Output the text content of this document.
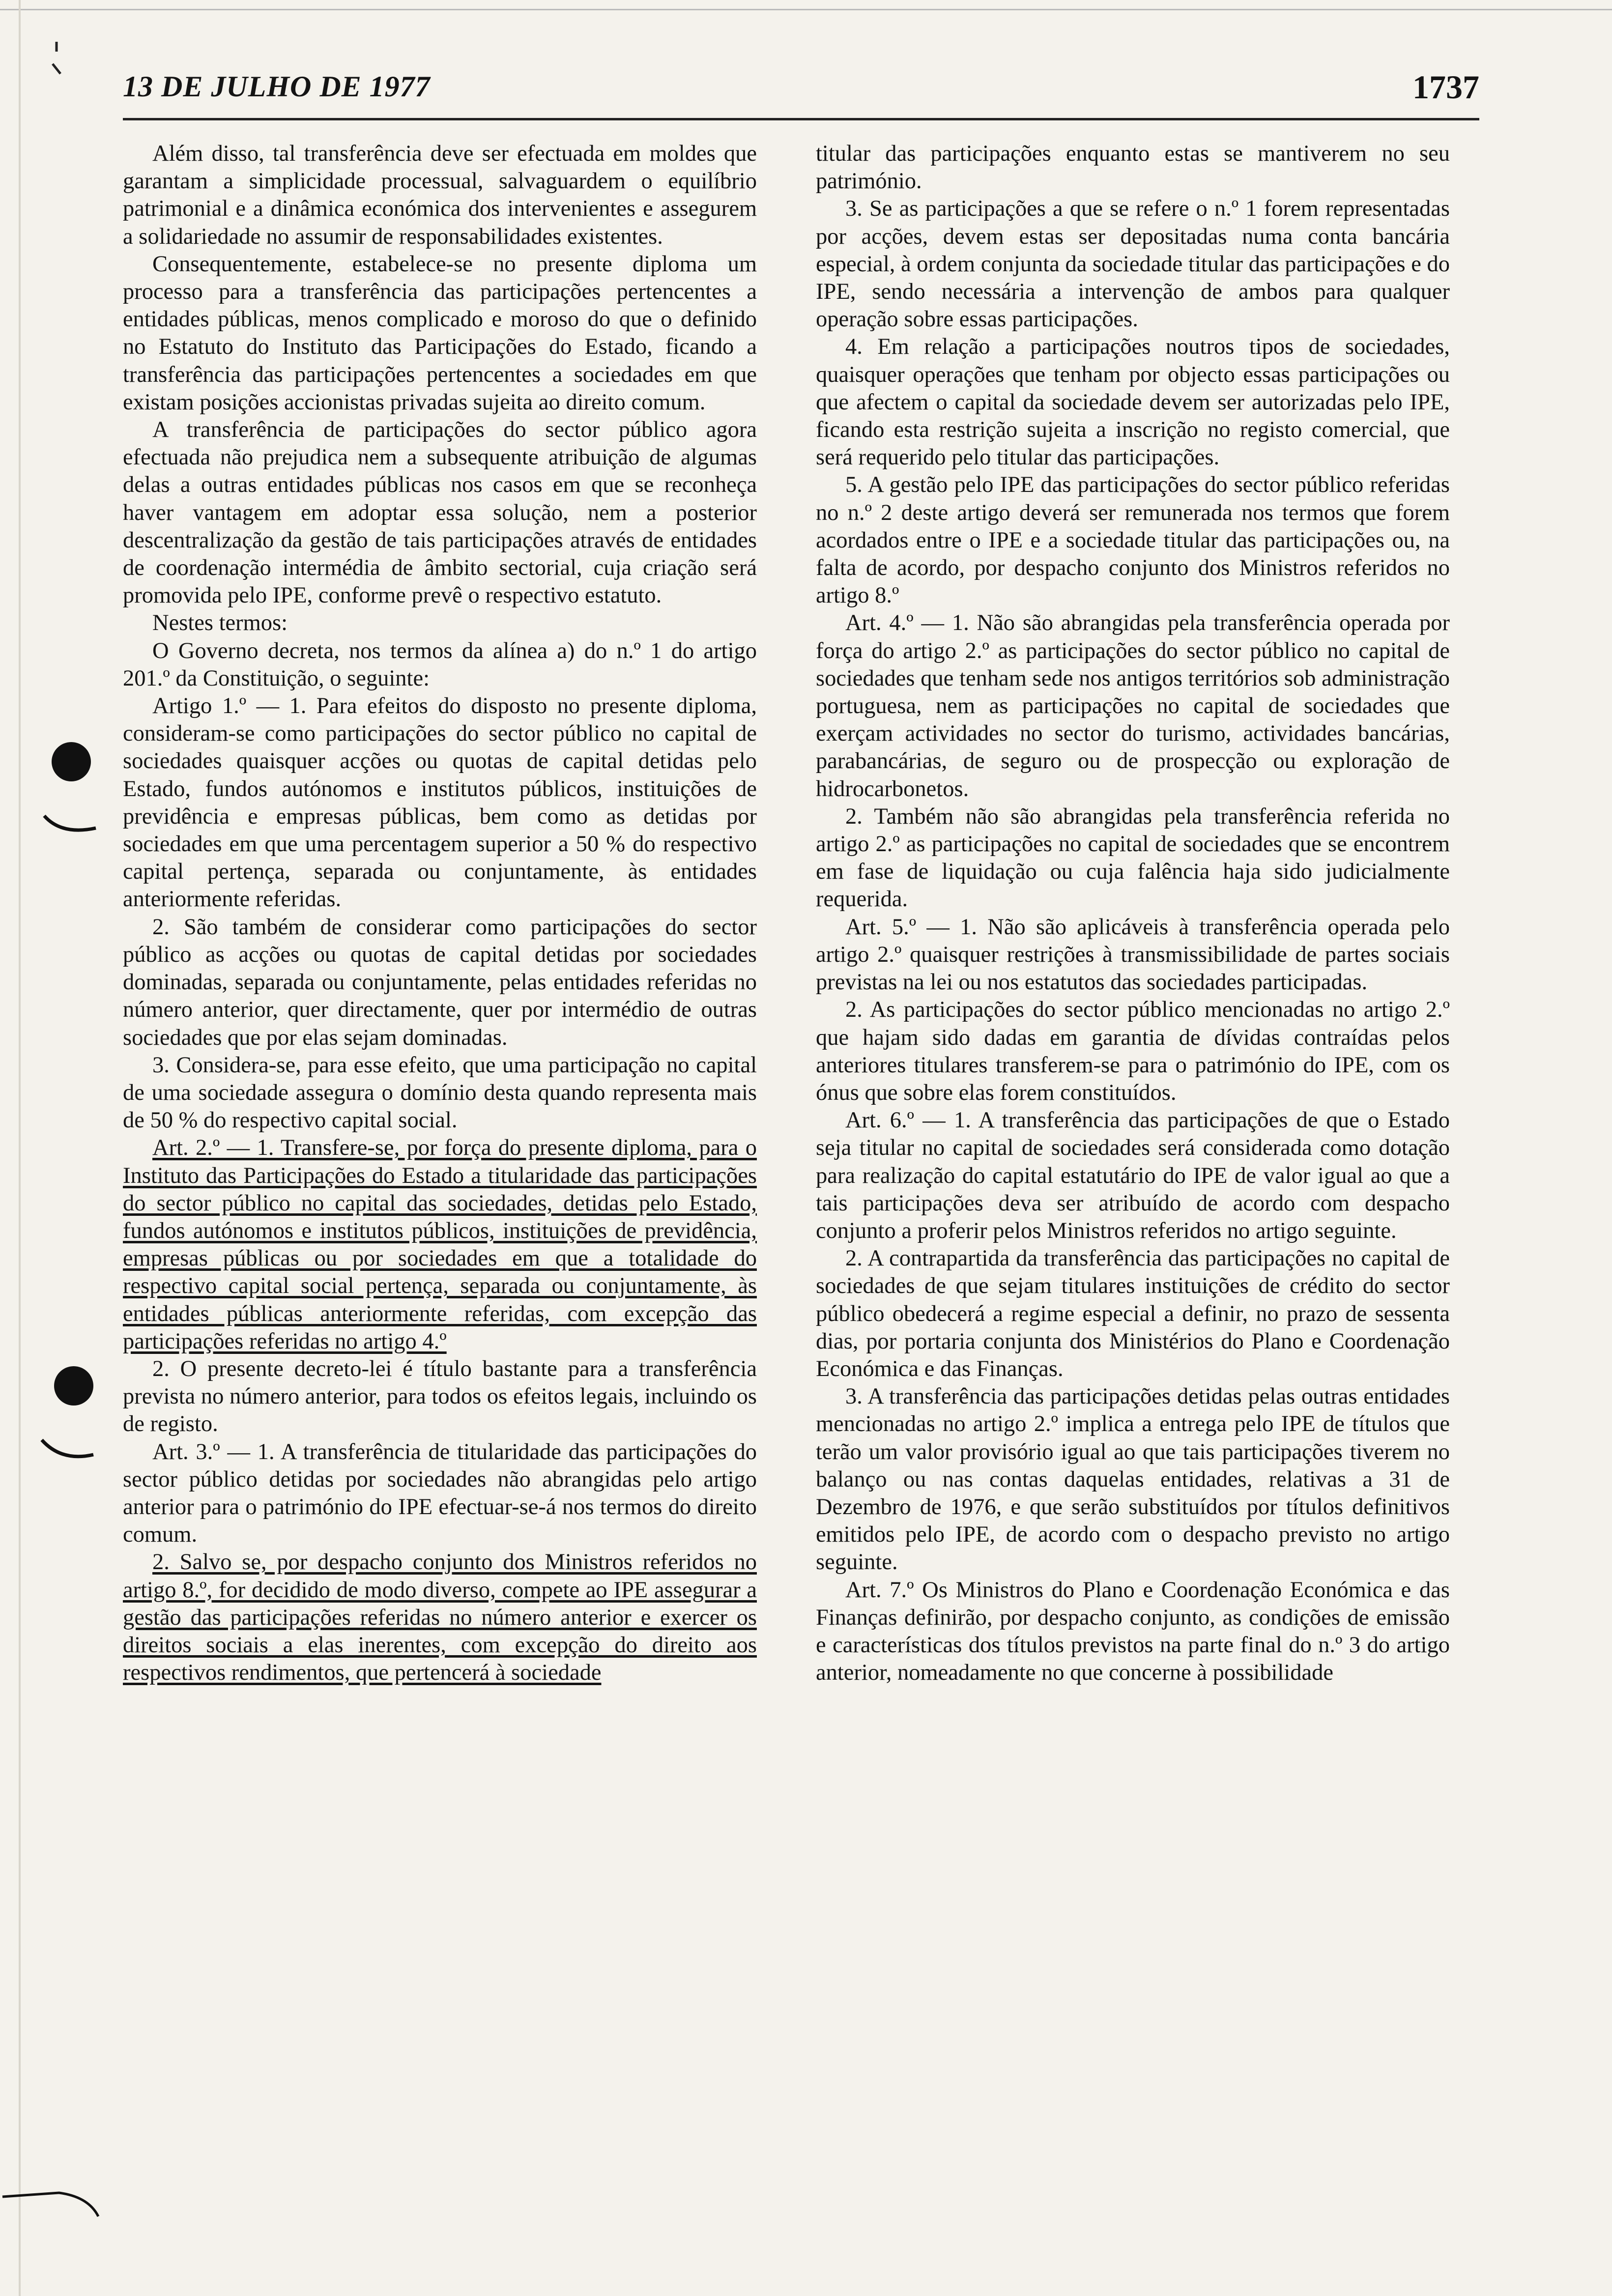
13 DE JULHO DE 1977	1737

Além disso, tal transferência deve ser efectuada em moldes que garantam a simplicidade processual, salvaguardem o equilíbrio patrimonial e a dinâmica económica dos intervenientes e assegurem a solidariedade no assumir de responsabilidades existentes.

Consequentemente, estabelece-se no presente diploma um processo para a transferência das participações pertencentes a entidades públicas, menos complicado e moroso do que o definido no Estatuto do Instituto das Participações do Estado, ficando a transferência das participações pertencentes a sociedades em que existam posições accionistas privadas sujeita ao direito comum.

A transferência de participações do sector público agora efectuada não prejudica nem a subsequente atribuição de algumas delas a outras entidades públicas nos casos em que se reconheça haver vantagem em adoptar essa solução, nem a posterior descentralização da gestão de tais participações através de entidades de coordenação intermédia de âmbito sectorial, cuja criação será promovida pelo IPE, conforme prevê o respectivo estatuto.

Nestes termos:

O Governo decreta, nos termos da alínea a) do n.º 1 do artigo 201.º da Constituição, o seguinte:

Artigo 1.º — 1. Para efeitos do disposto no presente diploma, consideram-se como participações do sector público no capital de sociedades quaisquer acções ou quotas de capital detidas pelo Estado, fundos autónomos e institutos públicos, instituições de previdência e empresas públicas, bem como as detidas por sociedades em que uma percentagem superior a 50 % do respectivo capital pertença, separada ou conjuntamente, às entidades anteriormente referidas.

2. São também de considerar como participações do sector público as acções ou quotas de capital detidas por sociedades dominadas, separada ou conjuntamente, pelas entidades referidas no número anterior, quer directamente, quer por intermédio de outras sociedades que por elas sejam dominadas.

3. Considera-se, para esse efeito, que uma participação no capital de uma sociedade assegura o domínio desta quando representa mais de 50 % do respectivo capital social.

Art. 2.º — 1. Transfere-se, por força do presente diploma, para o Instituto das Participações do Estado a titularidade das participações do sector público no capital das sociedades, detidas pelo Estado, fundos autónomos e institutos públicos, instituições de previdência, empresas públicas ou por sociedades em que a totalidade do respectivo capital social pertença, separada ou conjuntamente, às entidades públicas anteriormente referidas, com excepção das participações referidas no artigo 4.º

2. O presente decreto-lei é título bastante para a transferência prevista no número anterior, para todos os efeitos legais, incluindo os de registo.

Art. 3.º — 1. A transferência de titularidade das participações do sector público detidas por sociedades não abrangidas pelo artigo anterior para o património do IPE efectuar-se-á nos termos do direito comum.

2. Salvo se, por despacho conjunto dos Ministros referidos no artigo 8.º, for decidido de modo diverso, compete ao IPE assegurar a gestão das participações referidas no número anterior e exercer os direitos sociais a elas inerentes, com excepção do direito aos respectivos rendimentos, que pertencerá à sociedade

titular das participações enquanto estas se mantiverem no seu património.

3. Se as participações a que se refere o n.º 1 forem representadas por acções, devem estas ser depositadas numa conta bancária especial, à ordem conjunta da sociedade titular das participações e do IPE, sendo necessária a intervenção de ambos para qualquer operação sobre essas participações.

4. Em relação a participações noutros tipos de sociedades, quaisquer operações que tenham por objecto essas participações ou que afectem o capital da sociedade devem ser autorizadas pelo IPE, ficando esta restrição sujeita a inscrição no registo comercial, que será requerido pelo titular das participações.

5. A gestão pelo IPE das participações do sector público referidas no n.º 2 deste artigo deverá ser remunerada nos termos que forem acordados entre o IPE e a sociedade titular das participações ou, na falta de acordo, por despacho conjunto dos Ministros referidos no artigo 8.º

Art. 4.º — 1. Não são abrangidas pela transferência operada por força do artigo 2.º as participações do sector público no capital de sociedades que tenham sede nos antigos territórios sob administração portuguesa, nem as participações no capital de sociedades que exerçam actividades no sector do turismo, actividades bancárias, parabancárias, de seguro ou de prospecção ou exploração de hidrocarbonetos.

2. Também não são abrangidas pela transferência referida no artigo 2.º as participações no capital de sociedades que se encontrem em fase de liquidação ou cuja falência haja sido judicialmente requerida.

Art. 5.º — 1. Não são aplicáveis à transferência operada pelo artigo 2.º quaisquer restrições à transmissibilidade de partes sociais previstas na lei ou nos estatutos das sociedades participadas.

2. As participações do sector público mencionadas no artigo 2.º que hajam sido dadas em garantia de dívidas contraídas pelos anteriores titulares transferem-se para o património do IPE, com os ónus que sobre elas forem constituídos.

Art. 6.º — 1. A transferência das participações de que o Estado seja titular no capital de sociedades será considerada como dotação para realização do capital estatutário do IPE de valor igual ao que a tais participações deva ser atribuído de acordo com despacho conjunto a proferir pelos Ministros referidos no artigo seguinte.

2. A contrapartida da transferência das participações no capital de sociedades de que sejam titulares instituições de crédito do sector público obedecerá a regime especial a definir, no prazo de sessenta dias, por portaria conjunta dos Ministérios do Plano e Coordenação Económica e das Finanças.

3. A transferência das participações detidas pelas outras entidades mencionadas no artigo 2.º implica a entrega pelo IPE de títulos que terão um valor provisório igual ao que tais participações tiverem no balanço ou nas contas daquelas entidades, relativas a 31 de Dezembro de 1976, e que serão substituídos por títulos definitivos emitidos pelo IPE, de acordo com o despacho previsto no artigo seguinte.

Art. 7.º Os Ministros do Plano e Coordenação Económica e das Finanças definirão, por despacho conjunto, as condições de emissão e características dos títulos previstos na parte final do n.º 3 do artigo anterior, nomeadamente no que concerne à possibilidade
